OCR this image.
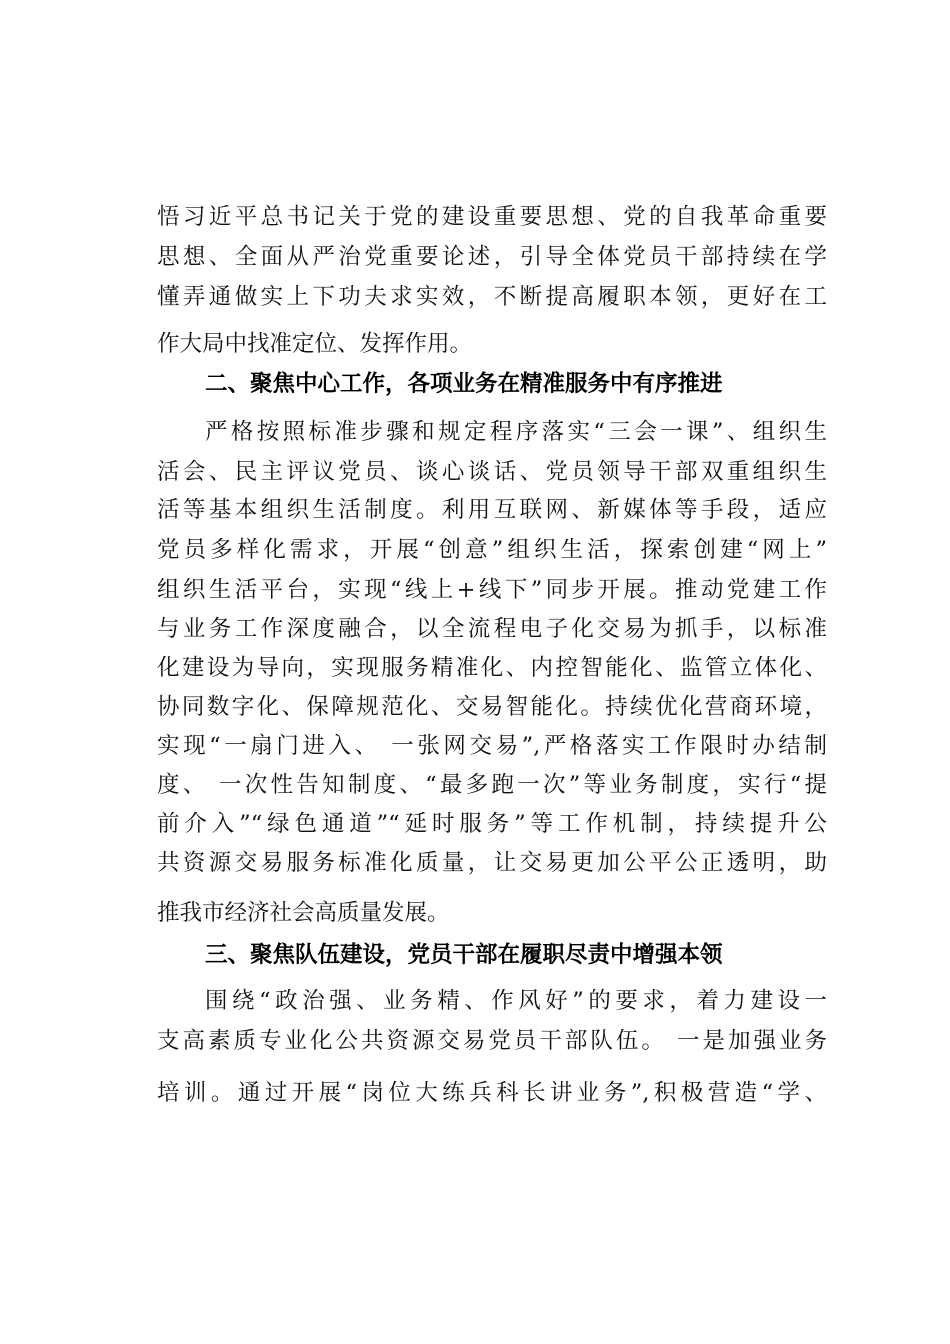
悟习近平总书记关于党的建设重要思想、党的自我革命重要
思想、全面从严治党重要论述，引导全体党员干部持续在学
懂弄通做实上下功夫求实效，不断提高履职本领，更好在工
作大局中找准定位、发挥作用。
二、聚焦中心工作，各项业务在精准服务中有序推进
严格按照标准步骤和规定程序落实“三会一课”、组织生
活会、民主评议党员、谈心谈话、党员领导干部双重组织生
活等基本组织生活制度。利用互联网、新媒体等手段，适应
党员多样化需求，开展“创意”组织生活，探索创建“网上”
组织生活平台，实现“线上+线下”同步开展。推动党建工作
与业务工作深度融合，以全流程电子化交易为抓手，以标准
化建设为导向，实现服务精准化、内控智能化、监管立体化、
协同数字化、保障规范化、交易智能化。持续优化营商环境，
实现“一扇门进入、 一张网交易”,严格落实工作限时办结制
度、 一次性告知制度、“最多跑一次”等业务制度，实行“提
前介入”“绿色通道”“延时服务”等工作机制，持续提升公
共资源交易服务标准化质量，让交易更加公平公正透明，助
推我市经济社会高质量发展。
三、聚焦队伍建设，党员干部在履职尽责中增强本领
围绕“政治强、业务精、作风好”的要求，着力建设一
支高素质专业化公共资源交易党员干部队伍。 一是加强业务
培训。通过开展“岗位大练兵科长讲业务”,积极营造“学、
